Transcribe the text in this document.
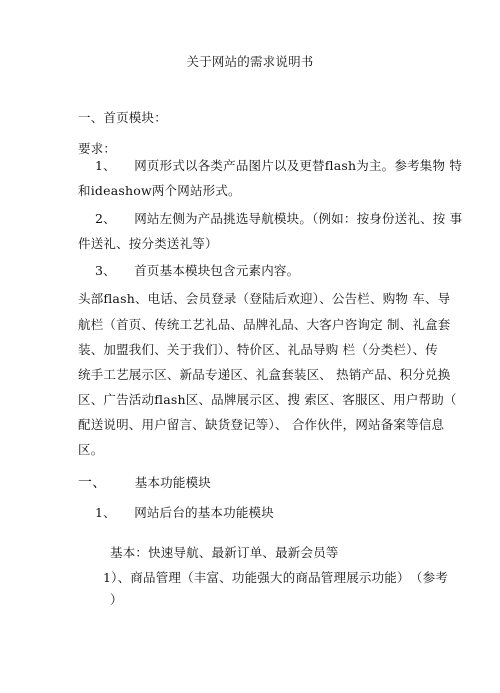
关于网站的需求说明书
一、首页模块：
要求：
1、 网页形式以各类产品图片以及更替flash为主。参考集物 特
和ideashow两个网站形式。
2、 网站左侧为产品挑选导航模块。（例如：按身份送礼、按 事
件送礼、按分类送礼等）
3、 首页基本模块包含元素内容。
头部flash、电话、会员登录（登陆后欢迎）、公告栏、购物 车、导
航栏（首页、传统工艺礼品、品牌礼品、大客户咨询定 制、礼盒套
装、加盟我们、关于我们）、特价区、礼品导购 栏（分类栏）、传
统手工艺展示区、新品专递区、礼盒套装区、 热销产品、积分兑换
区、广告活动flash区、品牌展示区、搜 索区、客服区、用户帮助（
配送说明、用户留言、缺货登记等）、 合作伙伴，网站备案等信息
区。
一、 基本功能模块
1、 网站后台的基本功能模块
基本：快速导航、最新订单、最新会员等
1）、商品管理（丰富、功能强大的商品管理展示功能）　（参考
）
